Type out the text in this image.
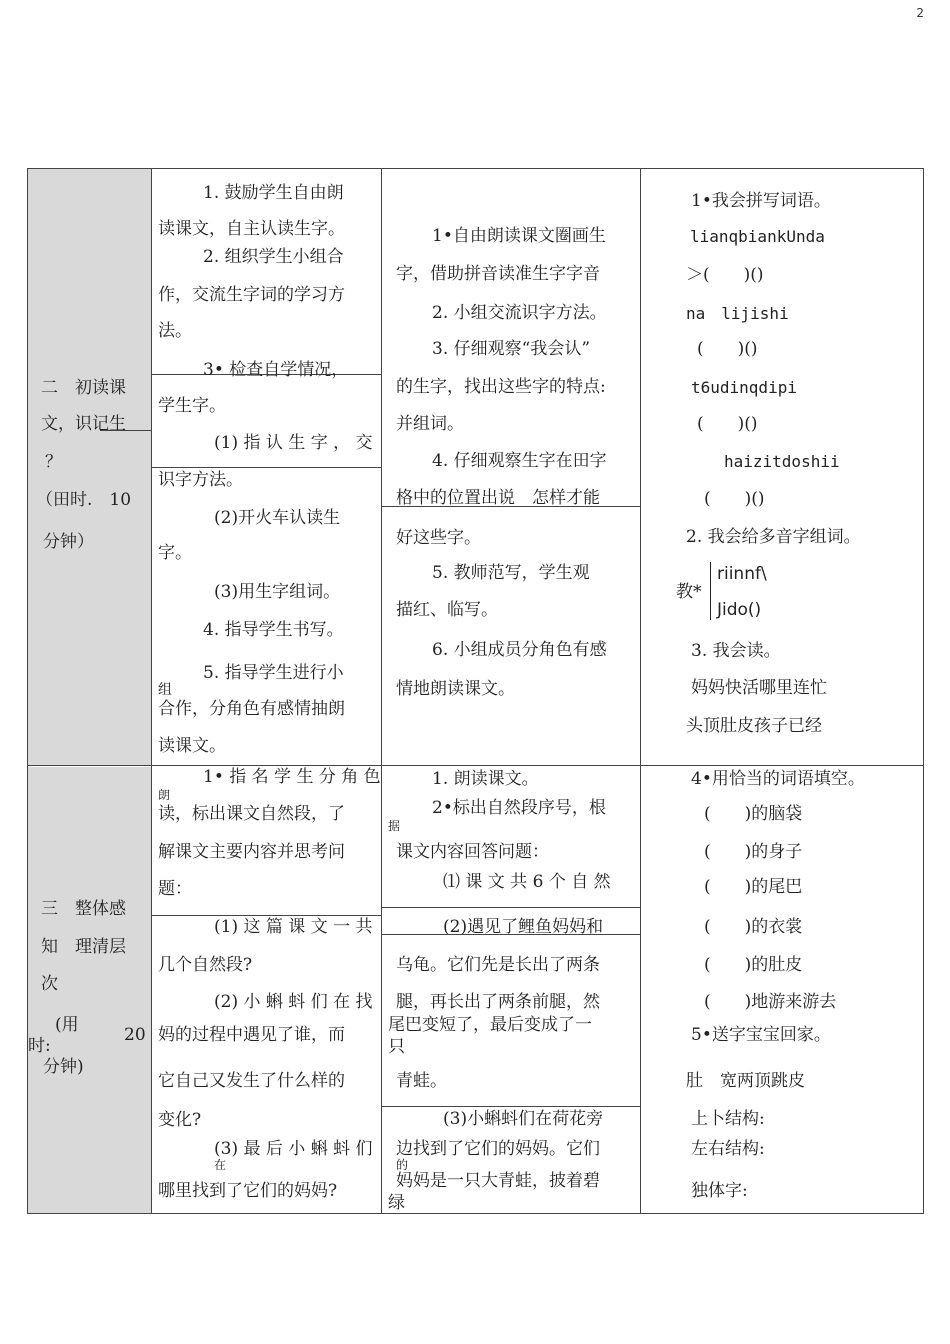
2
二　初读课
文，识记生
？
（田时.　10
分钟）
1. 鼓励学生自由朗
读课文，自主认读生字。
2. 组织学生小组合
作，交流生字词的学习方
法。
3• 检查自学情况，
学生字。
(1) 指 认 生 字 ， 交
识字方法。
(2)开火车认读生
字。
(3)用生字组词。
4. 指导学生书写。
5. 指导学生进行小
组
合作，分角色有感情抽朗
读课文。
1•自由朗读课文圈画生
字，借助拼音读准生字字音
2. 小组交流识字方法。
3. 仔细观察“我会认”
的生字，找出这些字的特点:
并组词。
4. 仔细观察生字在田字
格中的位置出说　怎样才能
好这些字。
5. 教师范写，学生观
描红、临写。
6. 小组成员分角色有感
情地朗读课文。
1•我会拼写词语。
lianqbiankUnda
＞(　　)()
na　lijishi
(　　)()
t6udinqdipi
(　　)()
haizitdoshii
(　　)()
2. 我会给多音字组词。
教*
riinnf\
Jido()
3. 我会读。
妈妈快活哪里连忙
头顶肚皮孩子已经
三　整体感
知　理清层
次
(用
时:
20
分钟)
1• 指 名 学 生 分 角 色
朗
读，标出课文自然段，了
解课文主要内容并思考问
题：
(1) 这 篇 课 文 一 共
几个自然段?
(2) 小 蝌 蚪 们 在 找
妈的过程中遇见了谁，而
它自己又发生了什么样的
变化?
(3) 最 后 小 蝌 蚪 们
在
哪里找到了它们的妈妈?
1. 朗读课文。
2•标出自然段序号，根
据
课文内容回答问题：
⑴ 课 文 共 6 个 自 然
(2)遇见了鲤鱼妈妈和
乌龟。它们先是长出了两条
腿，再长出了两条前腿，然
尾巴变短了，最后变成了一
只
青蛙。
(3)小蝌蚪们在荷花旁
边找到了它们的妈妈。它们
的
妈妈是一只大青蛙，披着碧
绿
4•用恰当的词语填空。
(　　)的脑袋
(　　)的身子
(　　)的尾巴
(　　)的衣裳
(　　)的肚皮
(　　)地游来游去
5•送字宝宝回家。
肚　宽两顶跳皮
上卜结构:
左右结构:
独体字:
